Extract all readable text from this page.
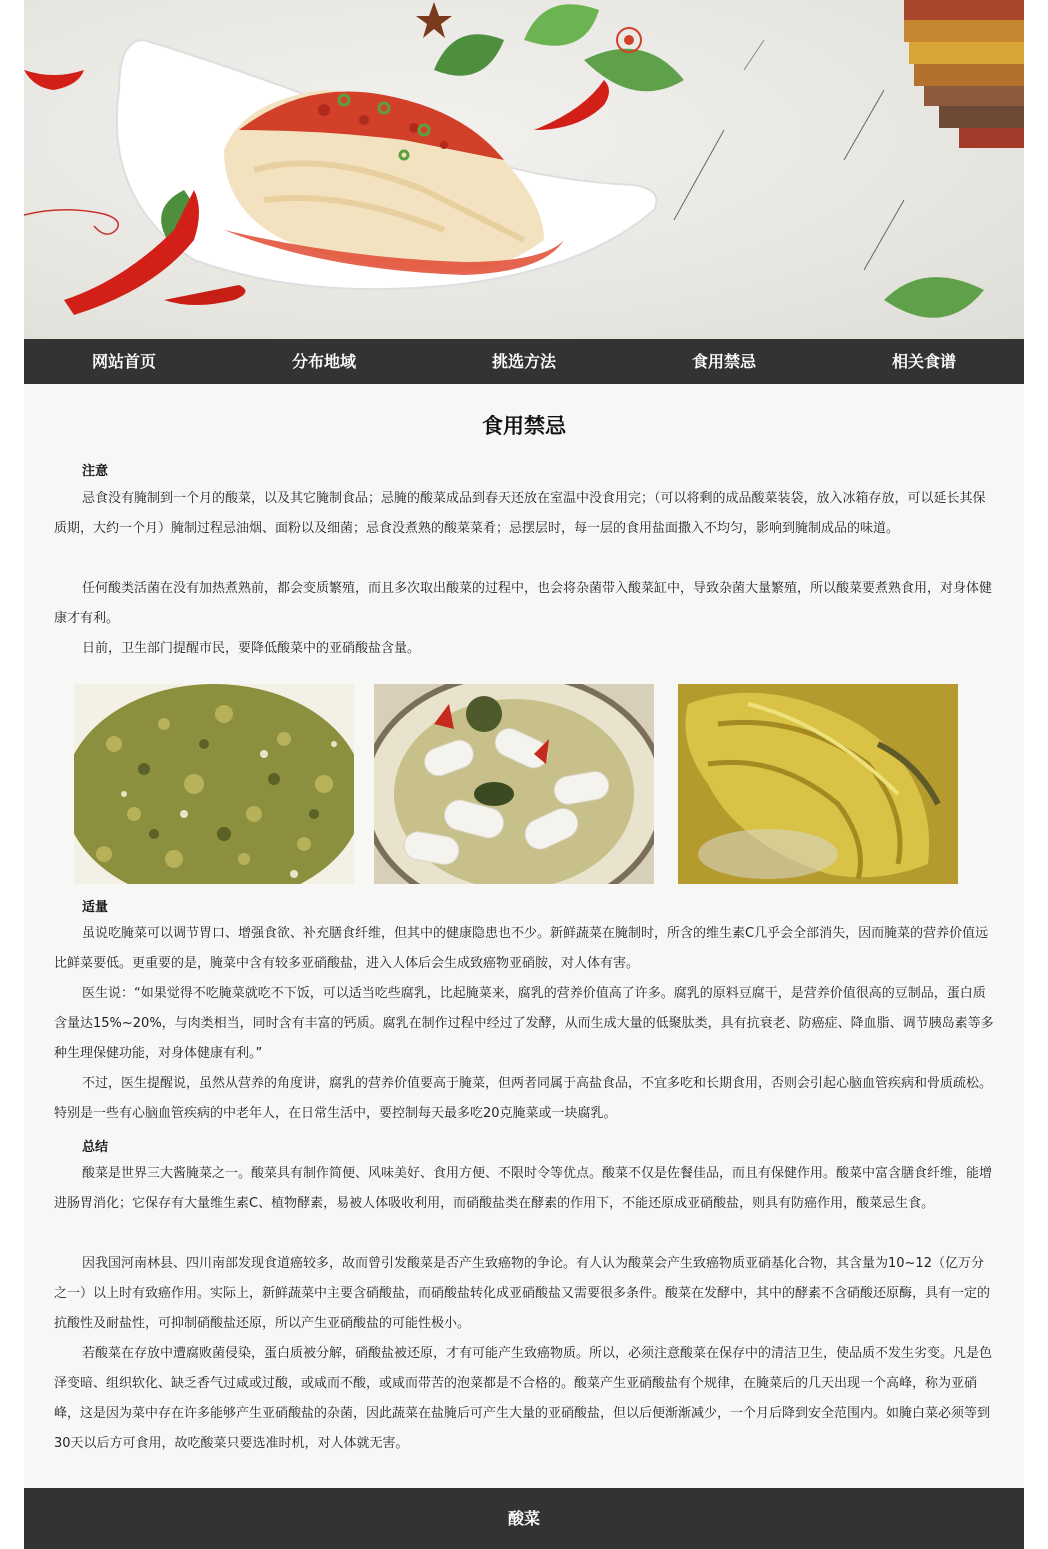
网站首页	分布地域	挑选方法	食用禁忌	相关食谱
食用禁忌
注意

忌食没有腌制到一个月的酸菜，以及其它腌制食品；忌腌的酸菜成品到春天还放在室温中没食用完；（可以将剩的成品酸菜装袋，放入冰箱存放，可以延长其保质期，大约一个月）腌制过程忌油烟、面粉以及细菌；忌食没煮熟的酸菜菜肴；忌摆层时，每一层的食用盐面撒入不均匀，影响到腌制成品的味道。

任何酸类活菌在没有加热煮熟前，都会变质繁殖，而且多次取出酸菜的过程中，也会将杂菌带入酸菜缸中，导致杂菌大量繁殖，所以酸菜要煮熟食用，对身体健康才有利。

日前，卫生部门提醒市民，要降低酸菜中的亚硝酸盐含量。

适量

虽说吃腌菜可以调节胃口、增强食欲、补充膳食纤维，但其中的健康隐患也不少。新鲜蔬菜在腌制时，所含的维生素C几乎会全部消失，因而腌菜的营养价值远比鲜菜要低。更重要的是，腌菜中含有较多亚硝酸盐，进入人体后会生成致癌物亚硝胺，对人体有害。

医生说：“如果觉得不吃腌菜就吃不下饭，可以适当吃些腐乳，比起腌菜来，腐乳的营养价值高了许多。腐乳的原料豆腐干，是营养价值很高的豆制品，蛋白质含量达15%~20%，与肉类相当，同时含有丰富的钙质。腐乳在制作过程中经过了发酵，从而生成大量的低聚肽类，具有抗衰老、防癌症、降血脂、调节胰岛素等多种生理保健功能，对身体健康有利。”

不过，医生提醒说，虽然从营养的角度讲，腐乳的营养价值要高于腌菜，但两者同属于高盐食品，不宜多吃和长期食用，否则会引起心脑血管疾病和骨质疏松。特别是一些有心脑血管疾病的中老年人，在日常生活中，要控制每天最多吃20克腌菜或一块腐乳。

总结

酸菜是世界三大酱腌菜之一。酸菜具有制作简便、风味美好、食用方便、不限时令等优点。酸菜不仅是佐餐佳品，而且有保健作用。酸菜中富含膳食纤维，能增进肠胃消化；它保存有大量维生素C、植物酵素，易被人体吸收利用，而硝酸盐类在酵素的作用下，不能还原成亚硝酸盐，则具有防癌作用，酸菜忌生食。

因我国河南林县、四川南部发现食道癌较多，故而曾引发酸菜是否产生致癌物的争论。有人认为酸菜会产生致癌物质亚硝基化合物，其含量为10~12（亿万分之一）以上时有致癌作用。实际上，新鲜蔬菜中主要含硝酸盐，而硝酸盐转化成亚硝酸盐又需要很多条件。酸菜在发酵中，其中的酵素不含硝酸还原酶，具有一定的抗酸性及耐盐性，可抑制硝酸盐还原，所以产生亚硝酸盐的可能性极小。

若酸菜在存放中遭腐败菌侵染，蛋白质被分解，硝酸盐被还原，才有可能产生致癌物质。所以，必须注意酸菜在保存中的清洁卫生，使品质不发生劣变。凡是色泽变暗、组织软化、缺乏香气过咸或过酸，或咸而不酸，或咸而带苦的泡菜都是不合格的。酸菜产生亚硝酸盐有个规律，在腌菜后的几天出现一个高峰，称为亚硝峰，这是因为菜中存在许多能够产生亚硝酸盐的杂菌，因此蔬菜在盐腌后可产生大量的亚硝酸盐，但以后便渐渐减少，一个月后降到安全范围内。如腌白菜必须等到30天以后方可食用，故吃酸菜只要选准时机，对人体就无害。

酸菜
